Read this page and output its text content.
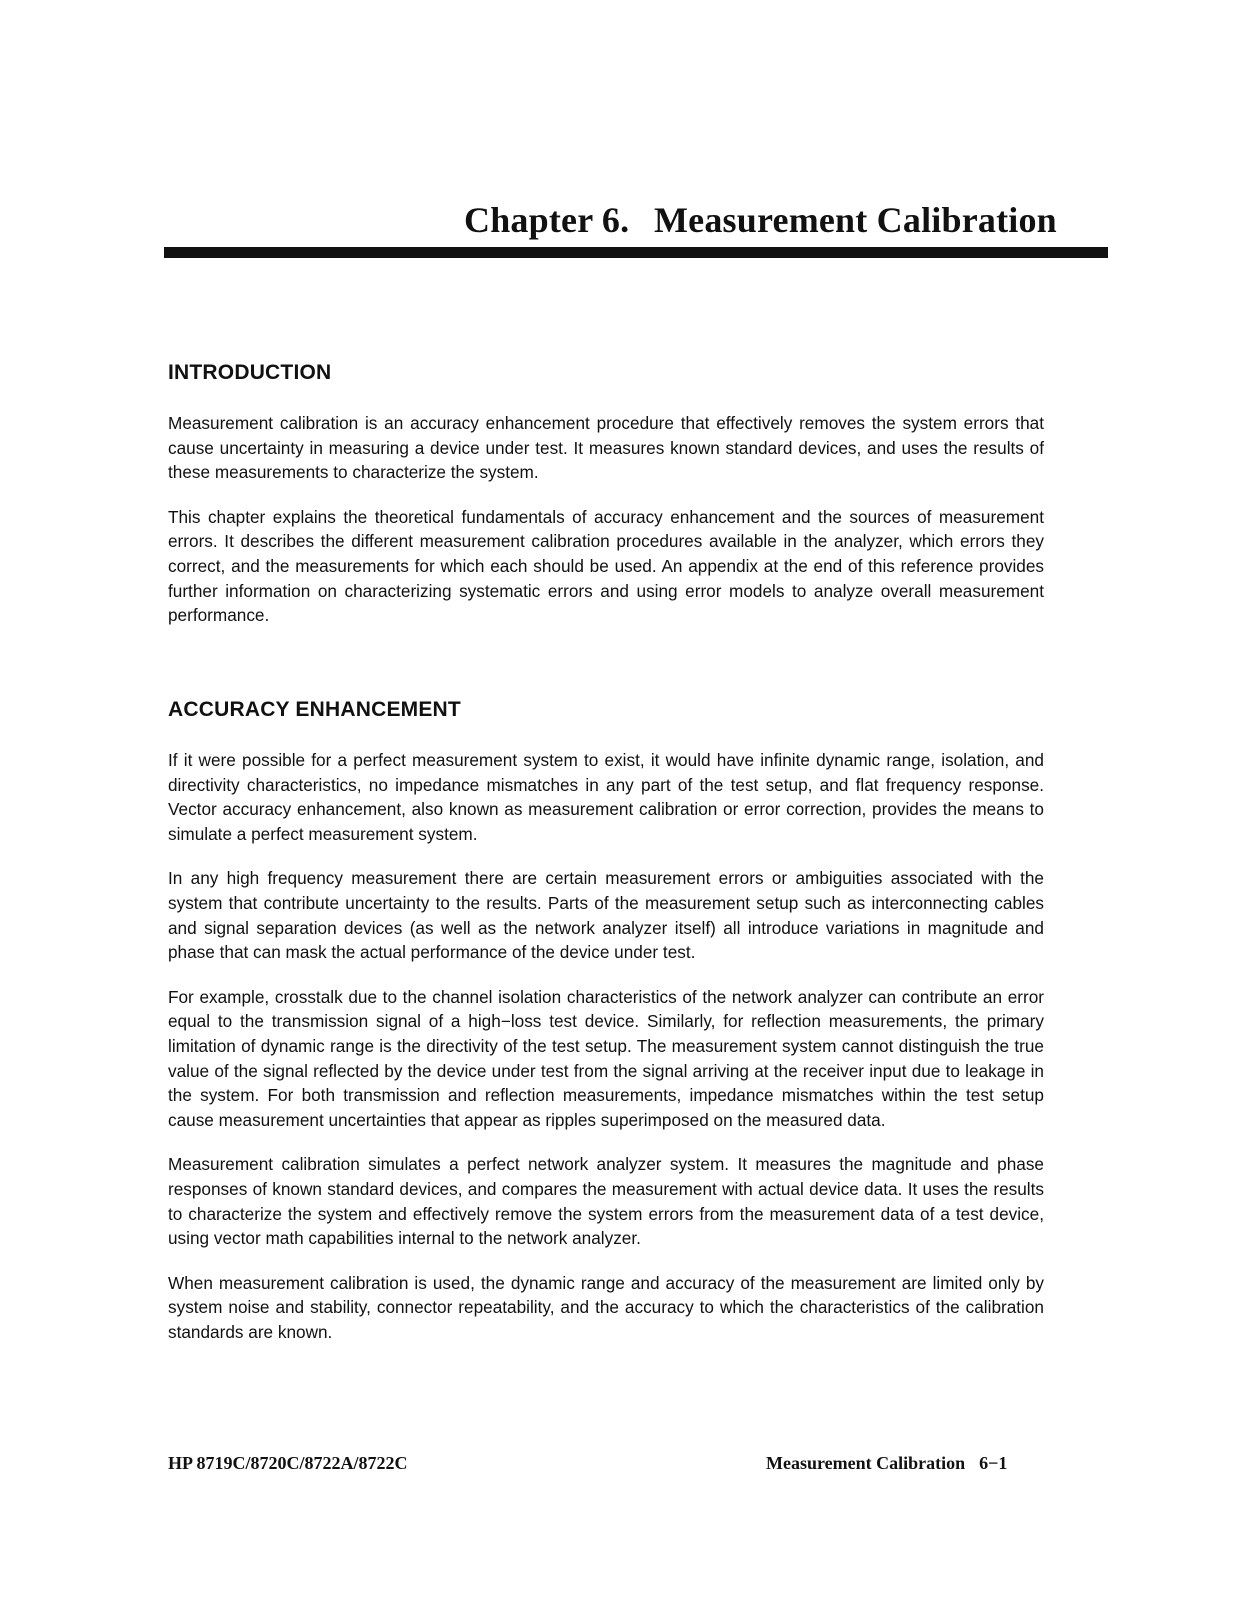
Chapter 6. Measurement Calibration
INTRODUCTION

Measurement calibration is an accuracy enhancement procedure that effectively removes the system errors that cause uncertainty in measuring a device under test. It measures known standard devices, and uses the results of these measurements to characterize the system.

This chapter explains the theoretical fundamentals of accuracy enhancement and the sources of measurement errors. It describes the different measurement calibration procedures available in the analyzer, which errors they correct, and the measurements for which each should be used. An appendix at the end of this reference provides further information on characterizing systematic errors and using error models to analyze overall measurement performance.

ACCURACY ENHANCEMENT

If it were possible for a perfect measurement system to exist, it would have infinite dynamic range, isolation, and directivity characteristics, no impedance mismatches in any part of the test setup, and flat frequency response. Vector accuracy enhancement, also known as measurement calibration or error correction, provides the means to simulate a perfect measurement system.

In any high frequency measurement there are certain measurement errors or ambiguities associated with the system that contribute uncertainty to the results. Parts of the measurement setup such as interconnecting cables and signal separation devices (as well as the network analyzer itself) all introduce variations in magnitude and phase that can mask the actual performance of the device under test.

For example, crosstalk due to the channel isolation characteristics of the network analyzer can contribute an error equal to the transmission signal of a high−loss test device. Similarly, for reflection measurements, the primary limitation of dynamic range is the directivity of the test setup. The measurement system cannot distinguish the true value of the signal reflected by the device under test from the signal arriving at the receiver input due to leakage in the system. For both transmission and reflection measurements, impedance mismatches within the test setup cause measurement uncertainties that appear as ripples superimposed on the measured data.

Measurement calibration simulates a perfect network analyzer system. It measures the magnitude and phase responses of known standard devices, and compares the measurement with actual device data. It uses the results to characterize the system and effectively remove the system errors from the measurement data of a test device, using vector math capabilities internal to the network analyzer.

When measurement calibration is used, the dynamic range and accuracy of the measurement are limited only by system noise and stability, connector repeatability, and the accuracy to which the characteristics of the calibration standards are known.

HP 8719C/8720C/8722A/8722C	Measurement Calibration 6−1
